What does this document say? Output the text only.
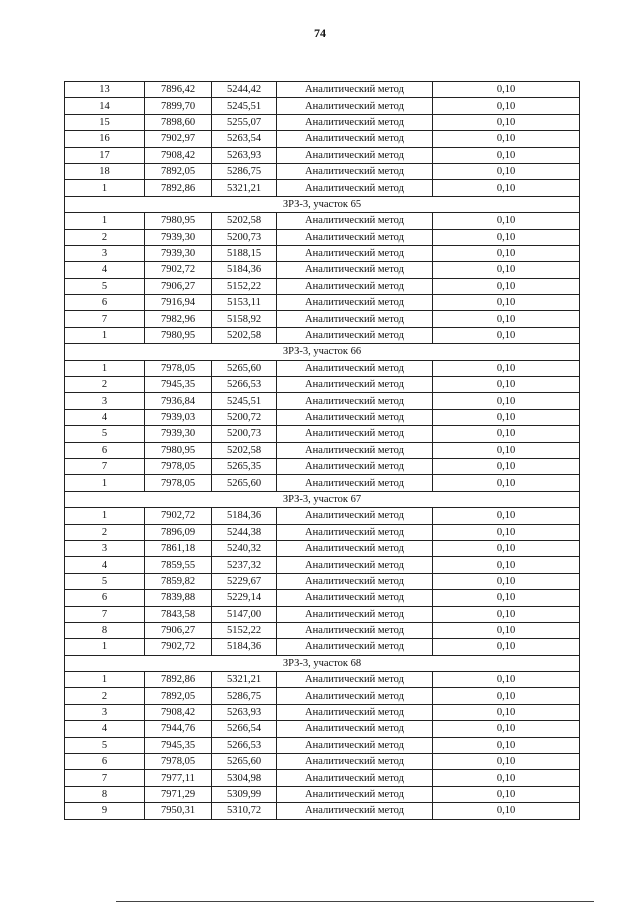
74
13	7896,42	5244,42	Аналитический метод	0,10
14	7899,70	5245,51	Аналитический метод	0,10
15	7898,60	5255,07	Аналитический метод	0,10
16	7902,97	5263,54	Аналитический метод	0,10
17	7908,42	5263,93	Аналитический метод	0,10
18	7892,05	5286,75	Аналитический метод	0,10
1	7892,86	5321,21	Аналитический метод	0,10
ЗРЗ-3, участок 65				
1	7980,95	5202,58	Аналитический метод	0,10
2	7939,30	5200,73	Аналитический метод	0,10
3	7939,30	5188,15	Аналитический метод	0,10
4	7902,72	5184,36	Аналитический метод	0,10
5	7906,27	5152,22	Аналитический метод	0,10
6	7916,94	5153,11	Аналитический метод	0,10
7	7982,96	5158,92	Аналитический метод	0,10
1	7980,95	5202,58	Аналитический метод	0,10
ЗРЗ-3, участок 66				
1	7978,05	5265,60	Аналитический метод	0,10
2	7945,35	5266,53	Аналитический метод	0,10
3	7936,84	5245,51	Аналитический метод	0,10
4	7939,03	5200,72	Аналитический метод	0,10
5	7939,30	5200,73	Аналитический метод	0,10
6	7980,95	5202,58	Аналитический метод	0,10
7	7978,05	5265,35	Аналитический метод	0,10
1	7978,05	5265,60	Аналитический метод	0,10
ЗРЗ-3, участок 67				
1	7902,72	5184,36	Аналитический метод	0,10
2	7896,09	5244,38	Аналитический метод	0,10
3	7861,18	5240,32	Аналитический метод	0,10
4	7859,55	5237,32	Аналитический метод	0,10
5	7859,82	5229,67	Аналитический метод	0,10
6	7839,88	5229,14	Аналитический метод	0,10
7	7843,58	5147,00	Аналитический метод	0,10
8	7906,27	5152,22	Аналитический метод	0,10
1	7902,72	5184,36	Аналитический метод	0,10
ЗРЗ-3, участок 68				
1	7892,86	5321,21	Аналитический метод	0,10
2	7892,05	5286,75	Аналитический метод	0,10
3	7908,42	5263,93	Аналитический метод	0,10
4	7944,76	5266,54	Аналитический метод	0,10
5	7945,35	5266,53	Аналитический метод	0,10
6	7978,05	5265,60	Аналитический метод	0,10
7	7977,11	5304,98	Аналитический метод	0,10
8	7971,29	5309,99	Аналитический метод	0,10
9	7950,31	5310,72	Аналитический метод	0,10
